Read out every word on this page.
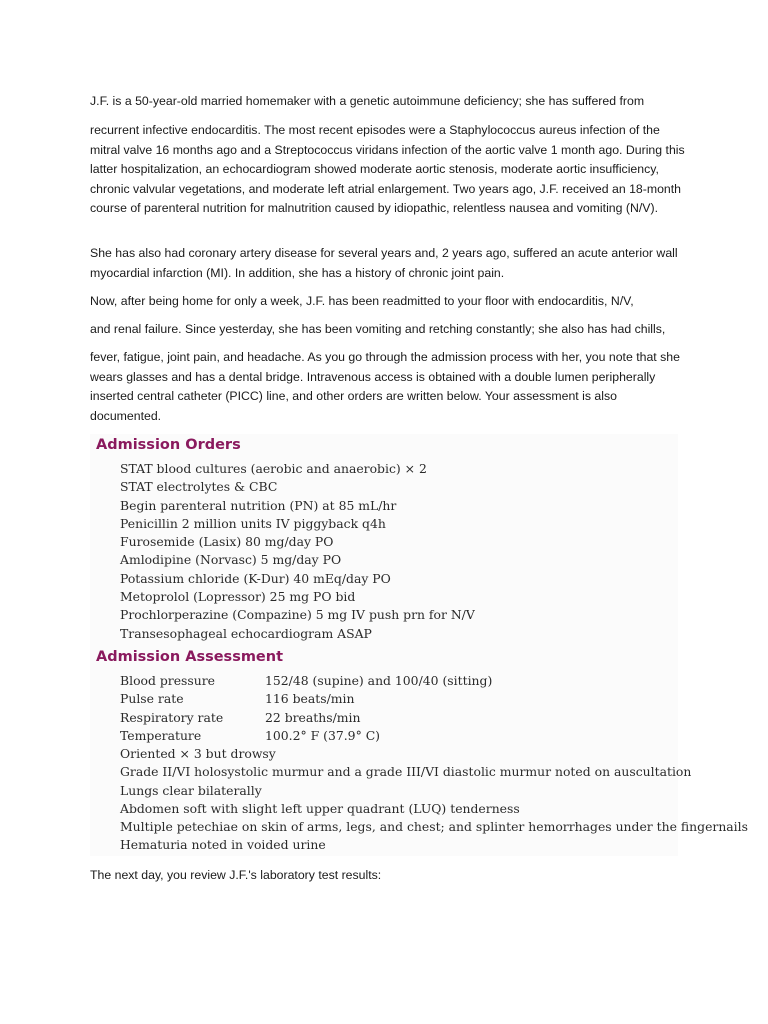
J.F. is a 50-year-old married homemaker with a genetic autoimmune deficiency; she has suffered from

recurrent infective endocarditis. The most recent episodes were a Staphylococcus aureus infection of the mitral valve 16 months ago and a Streptococcus viridans infection of the aortic valve 1 month ago. During this latter hospitalization, an echocardiogram showed moderate aortic stenosis, moderate aortic insufficiency, chronic valvular vegetations, and moderate left atrial enlargement. Two years ago, J.F. received an 18-month course of parenteral nutrition for malnutrition caused by idiopathic, relentless nausea and vomiting (N/V).

She has also had coronary artery disease for several years and, 2 years ago, suffered an acute anterior wall myocardial infarction (MI). In addition, she has a history of chronic joint pain.

Now, after being home for only a week, J.F. has been readmitted to your floor with endocarditis, N/V,

and renal failure. Since yesterday, she has been vomiting and retching constantly; she also has had chills,

fever, fatigue, joint pain, and headache. As you go through the admission process with her, you note that she wears glasses and has a dental bridge. Intravenous access is obtained with a double lumen peripherally inserted central catheter (PICC) line, and other orders are written below. Your assessment is also documented.

Admission Orders
STAT blood cultures (aerobic and anaerobic) × 2
STAT electrolytes & CBC
Begin parenteral nutrition (PN) at 85 mL/hr
Penicillin 2 million units IV piggyback q4h
Furosemide (Lasix) 80 mg/day PO
Amlodipine (Norvasc) 5 mg/day PO
Potassium chloride (K-Dur) 40 mEq/day PO
Metoprolol (Lopressor) 25 mg PO bid
Prochlorperazine (Compazine) 5 mg IV push prn for N/V
Transesophageal echocardiogram ASAP
Admission Assessment
Blood pressure	152/48 (supine) and 100/40 (sitting)
Pulse rate	116 beats/min
Respiratory rate	22 breaths/min
Temperature	100.2° F (37.9° C)
Oriented × 3 but drowsy
Grade II/VI holosystolic murmur and a grade III/VI diastolic murmur noted on auscultation
Lungs clear bilaterally
Abdomen soft with slight left upper quadrant (LUQ) tenderness
Multiple petechiae on skin of arms, legs, and chest; and splinter hemorrhages under the fingernails
Hematuria noted in voided urine

The next day, you review J.F.'s laboratory test results:
